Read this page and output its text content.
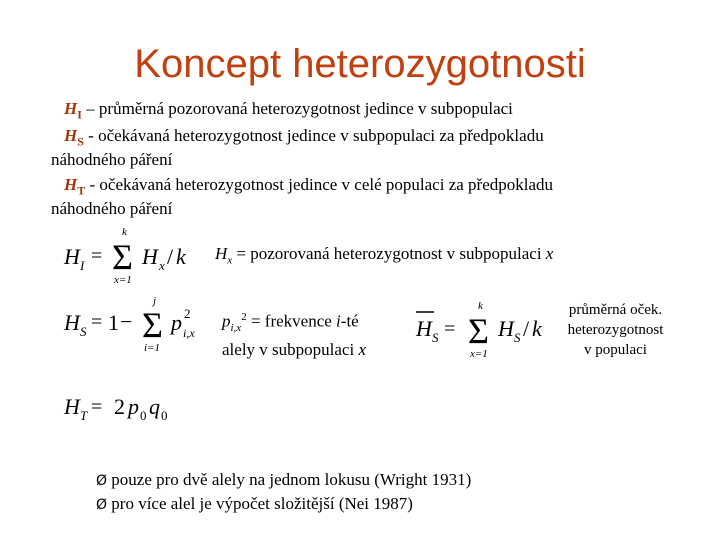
Koncept heterozygotnosti
$H_I$ – průměrná pozorovaná heterozygotnost jedince v subpopulaci
$H_S$ - očekávaná heterozygotnost jedince v subpopulaci za předpokladu
náhodného páření
$H_T$ - očekávaná heterozygotnost jedince v celé populaci za předpokladu
náhodného páření
H I =
k
Σ
x=1
H x / k $H_x$ = pozorovaná heterozygotnost v subpopulaci x
H S = 1 −
j
Σ
i=1
p 2
i,x
$p_{i,x}^2$ = frekvence i-té
alely v subpopulaci x
H S =
k
Σ
x=1
H S / k
průměrná oček.
heterozygotnost
v populaci
H T = 2 p 0 q 0
Ø pouze pro dvě alely na jednom lokusu (Wright 1931)
Ø pro více alel je výpočet složitější (Nei 1987)
